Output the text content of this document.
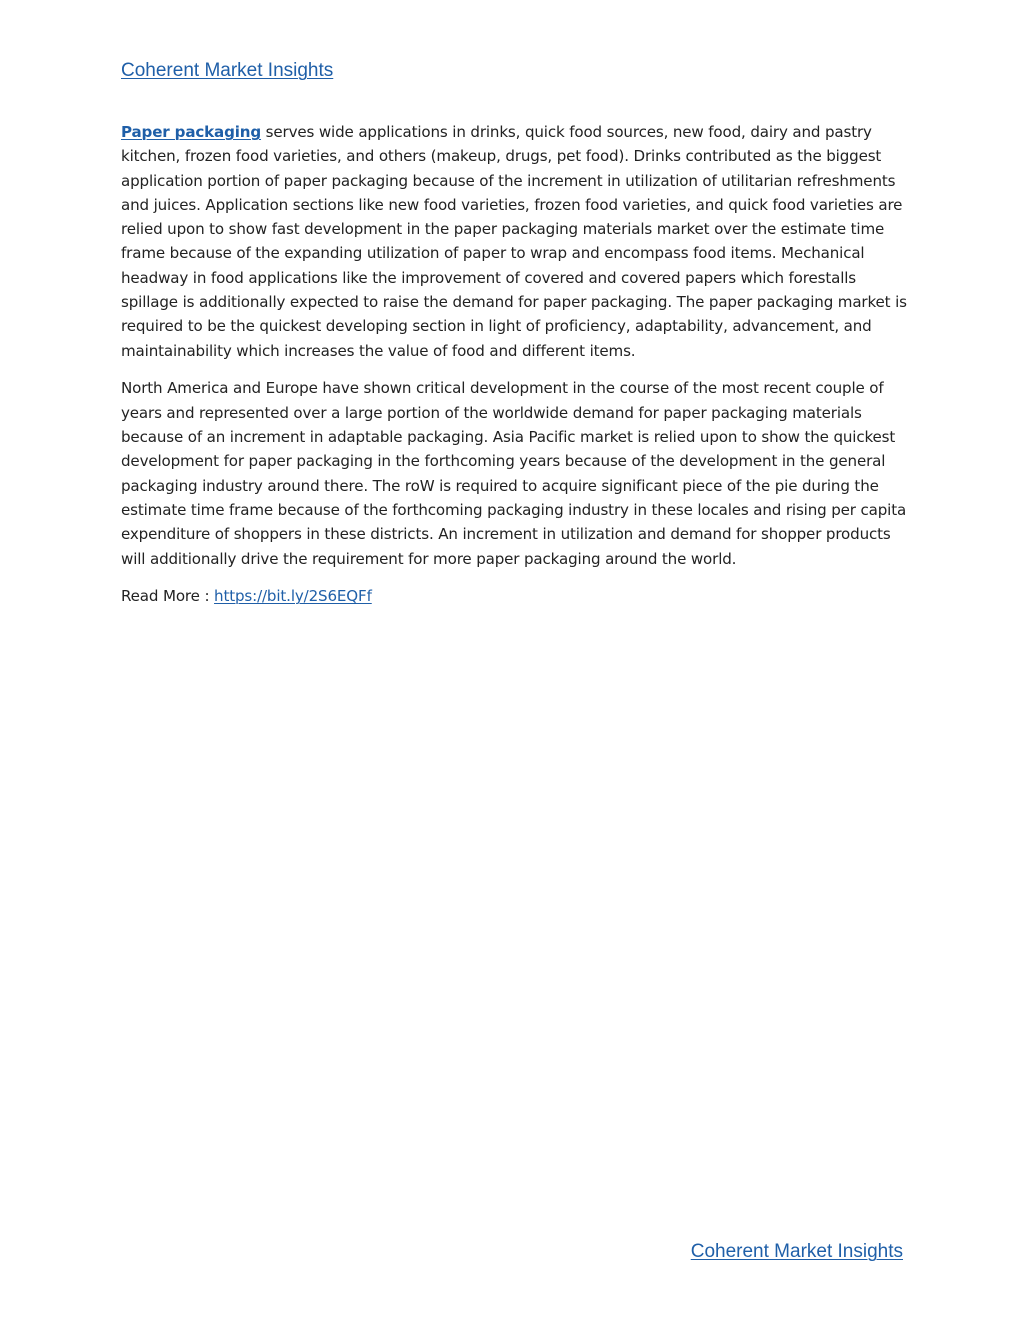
Coherent Market Insights

Paper packaging serves wide applications in drinks, quick food sources, new food, dairy and pastry kitchen, frozen food varieties, and others (makeup, drugs, pet food). Drinks contributed as the biggest application portion of paper packaging because of the increment in utilization of utilitarian refreshments and juices. Application sections like new food varieties, frozen food varieties, and quick food varieties are relied upon to show fast development in the paper packaging materials market over the estimate time frame because of the expanding utilization of paper to wrap and encompass food items. Mechanical headway in food applications like the improvement of covered and covered papers which forestalls spillage is additionally expected to raise the demand for paper packaging. The paper packaging market is required to be the quickest developing section in light of proficiency, adaptability, advancement, and maintainability which increases the value of food and different items.

North America and Europe have shown critical development in the course of the most recent couple of years and represented over a large portion of the worldwide demand for paper packaging materials because of an increment in adaptable packaging. Asia Pacific market is relied upon to show the quickest development for paper packaging in the forthcoming years because of the development in the general packaging industry around there. The roW is required to acquire significant piece of the pie during the estimate time frame because of the forthcoming packaging industry in these locales and rising per capita expenditure of shoppers in these districts. An increment in utilization and demand for shopper products will additionally drive the requirement for more paper packaging around the world.

Read More : https://bit.ly/2S6EQFf

Coherent Market Insights
